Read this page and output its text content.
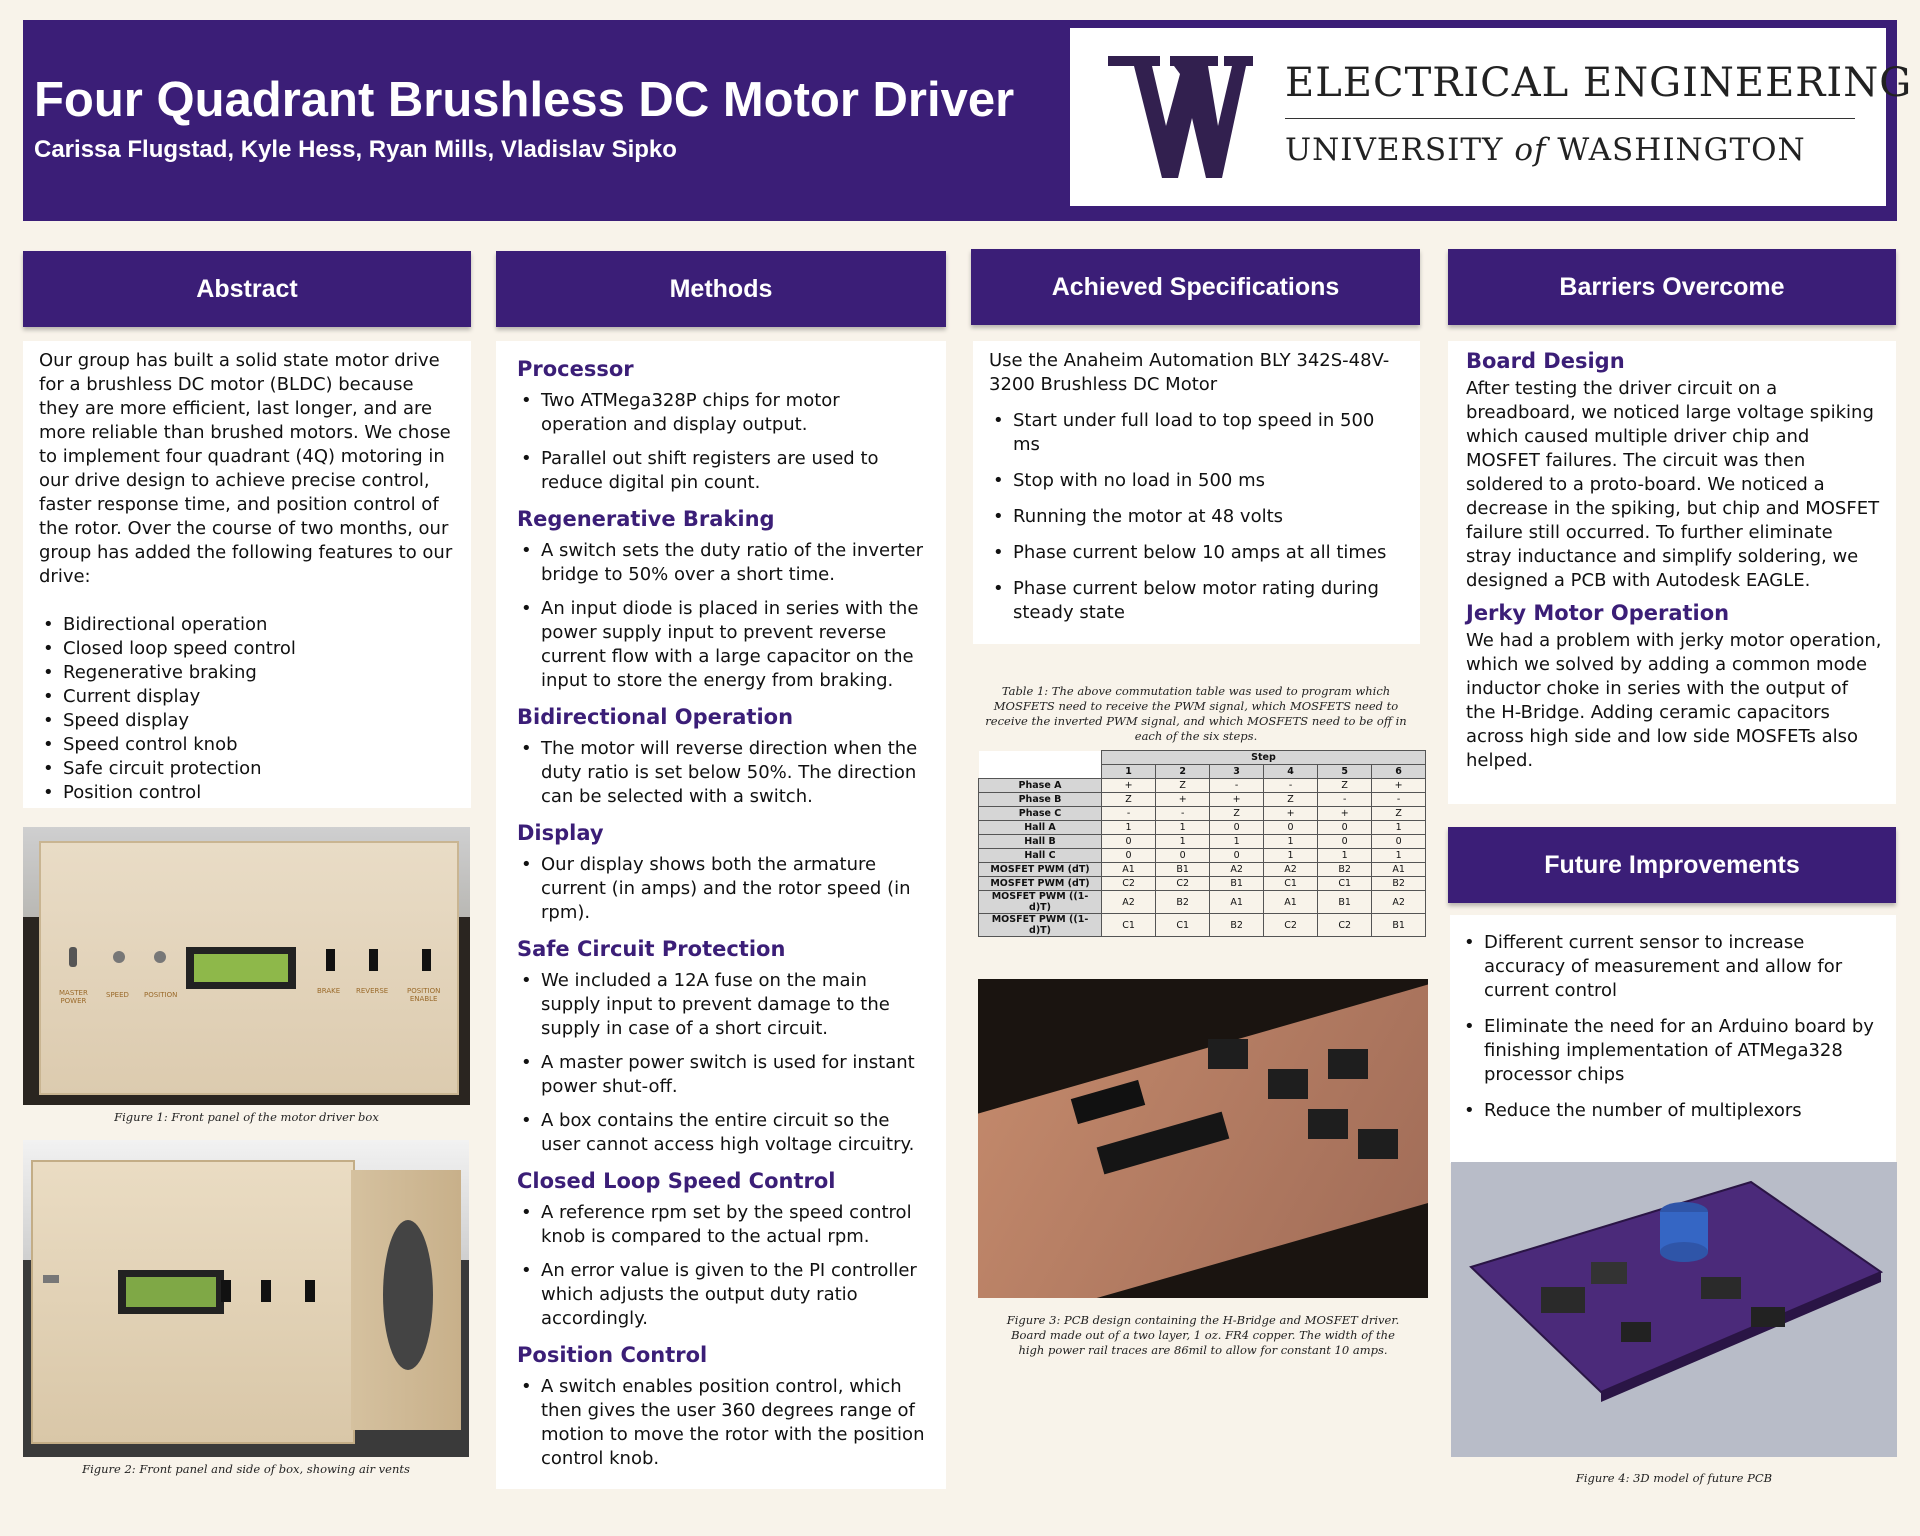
Four Quadrant Brushless DC Motor Driver
Carissa Flugstad, Kyle Hess, Ryan Mills, Vladislav Sipko
ELECTRICAL ENGINEERING
UNIVERSITY of WASHINGTON
Abstract
Our group has built a solid state motor drive for a brushless DC motor (BLDC) because they are more efficient, last longer, and are more reliable than brushed motors. We chose to implement four quadrant (4Q) motoring in our drive design to achieve precise control, faster response time, and position control of the rotor. Over the course of two months, our group has added the following features to our drive:
• Bidirectional operation
• Closed loop speed control
• Regenerative braking
• Current display
• Speed display
• Speed control knob
• Safe circuit protection
• Position control
MASTER
POWER
SPEED POSITION	BRAKE REVERSE	POSITION
ENABLE
Figure 1: Front panel of the motor driver box
Figure 2: Front panel and side of box, showing air vents
Methods
Processor
• Two ATMega328P chips for motor operation and display output.
• Parallel out shift registers are used to reduce digital pin count.
Regenerative Braking
• A switch sets the duty ratio of the inverter bridge to 50% over a short time.
• An input diode is placed in series with the power supply input to prevent reverse current flow with a large capacitor on the input to store the energy from braking.
Bidirectional Operation
• The motor will reverse direction when the duty ratio is set below 50%. The direction can be selected with a switch.
Display
• Our display shows both the armature current (in amps) and the rotor speed (in rpm).
Safe Circuit Protection
• We included a 12A fuse on the main supply input to prevent damage to the supply in case of a short circuit.
• A master power switch is used for instant power shut-off.
• A box contains the entire circuit so the user cannot access high voltage circuitry.
Closed Loop Speed Control
• A reference rpm set by the speed control knob is compared to the actual rpm.
• An error value is given to the PI controller which adjusts the output duty ratio accordingly.
Position Control
• A switch enables position control, which then gives the user 360 degrees range of motion to move the rotor with the position control knob.
Achieved Specifications
Use the Anaheim Automation BLY 342S-48V-3200 Brushless DC Motor
• Start under full load to top speed in 500 ms
• Stop with no load in 500 ms
• Running the motor at 48 volts
• Phase current below 10 amps at all times
• Phase current below motor rating during steady state
Table 1: The above commutation table was used to program which MOSFETS need to receive the PWM signal, which MOSFETS need to receive the inverted PWM signal, and which MOSFETS need to be off in each of the six steps.
	Step					
	1	2	3	4	5	6
Phase A	+	Z	-	-	Z	+
Phase B	Z	+	+	Z	-	-
Phase C	-	-	Z	+	+	Z
Hall A	1	1	0	0	0	1
Hall B	0	1	1	1	0	0
Hall C	0	0	0	1	1	1
MOSFET PWM (dT)	A1	B1	A2	A2	B2	A1
MOSFET PWM (dT)	C2	C2	B1	C1	C1	B2
MOSFET PWM ((1-d)T)	A2	B2	A1	A1	B1	A2
MOSFET PWM ((1-d)T)	C1	C1	B2	C2	C2	B1
Figure 3: PCB design containing the H-Bridge and MOSFET driver. Board made out of a two layer, 1 oz. FR4 copper. The width of the high power rail traces are 86mil to allow for constant 10 amps.
Barriers Overcome
Board Design
After testing the driver circuit on a breadboard, we noticed large voltage spiking which caused multiple driver chip and MOSFET failures. The circuit was then soldered to a proto-board. We noticed a decrease in the spiking, but chip and MOSFET failure still occurred. To further eliminate stray inductance and simplify soldering, we designed a PCB with Autodesk EAGLE.
Jerky Motor Operation
We had a problem with jerky motor operation, which we solved by adding a common mode inductor choke in series with the output of the H-Bridge. Adding ceramic capacitors across high side and low side MOSFETs also helped.
Future Improvements
• Different current sensor to increase accuracy of measurement and allow for current control
• Eliminate the need for an Arduino board by finishing implementation of ATMega328 processor chips
• Reduce the number of multiplexors
Figure 4: 3D model of future PCB
